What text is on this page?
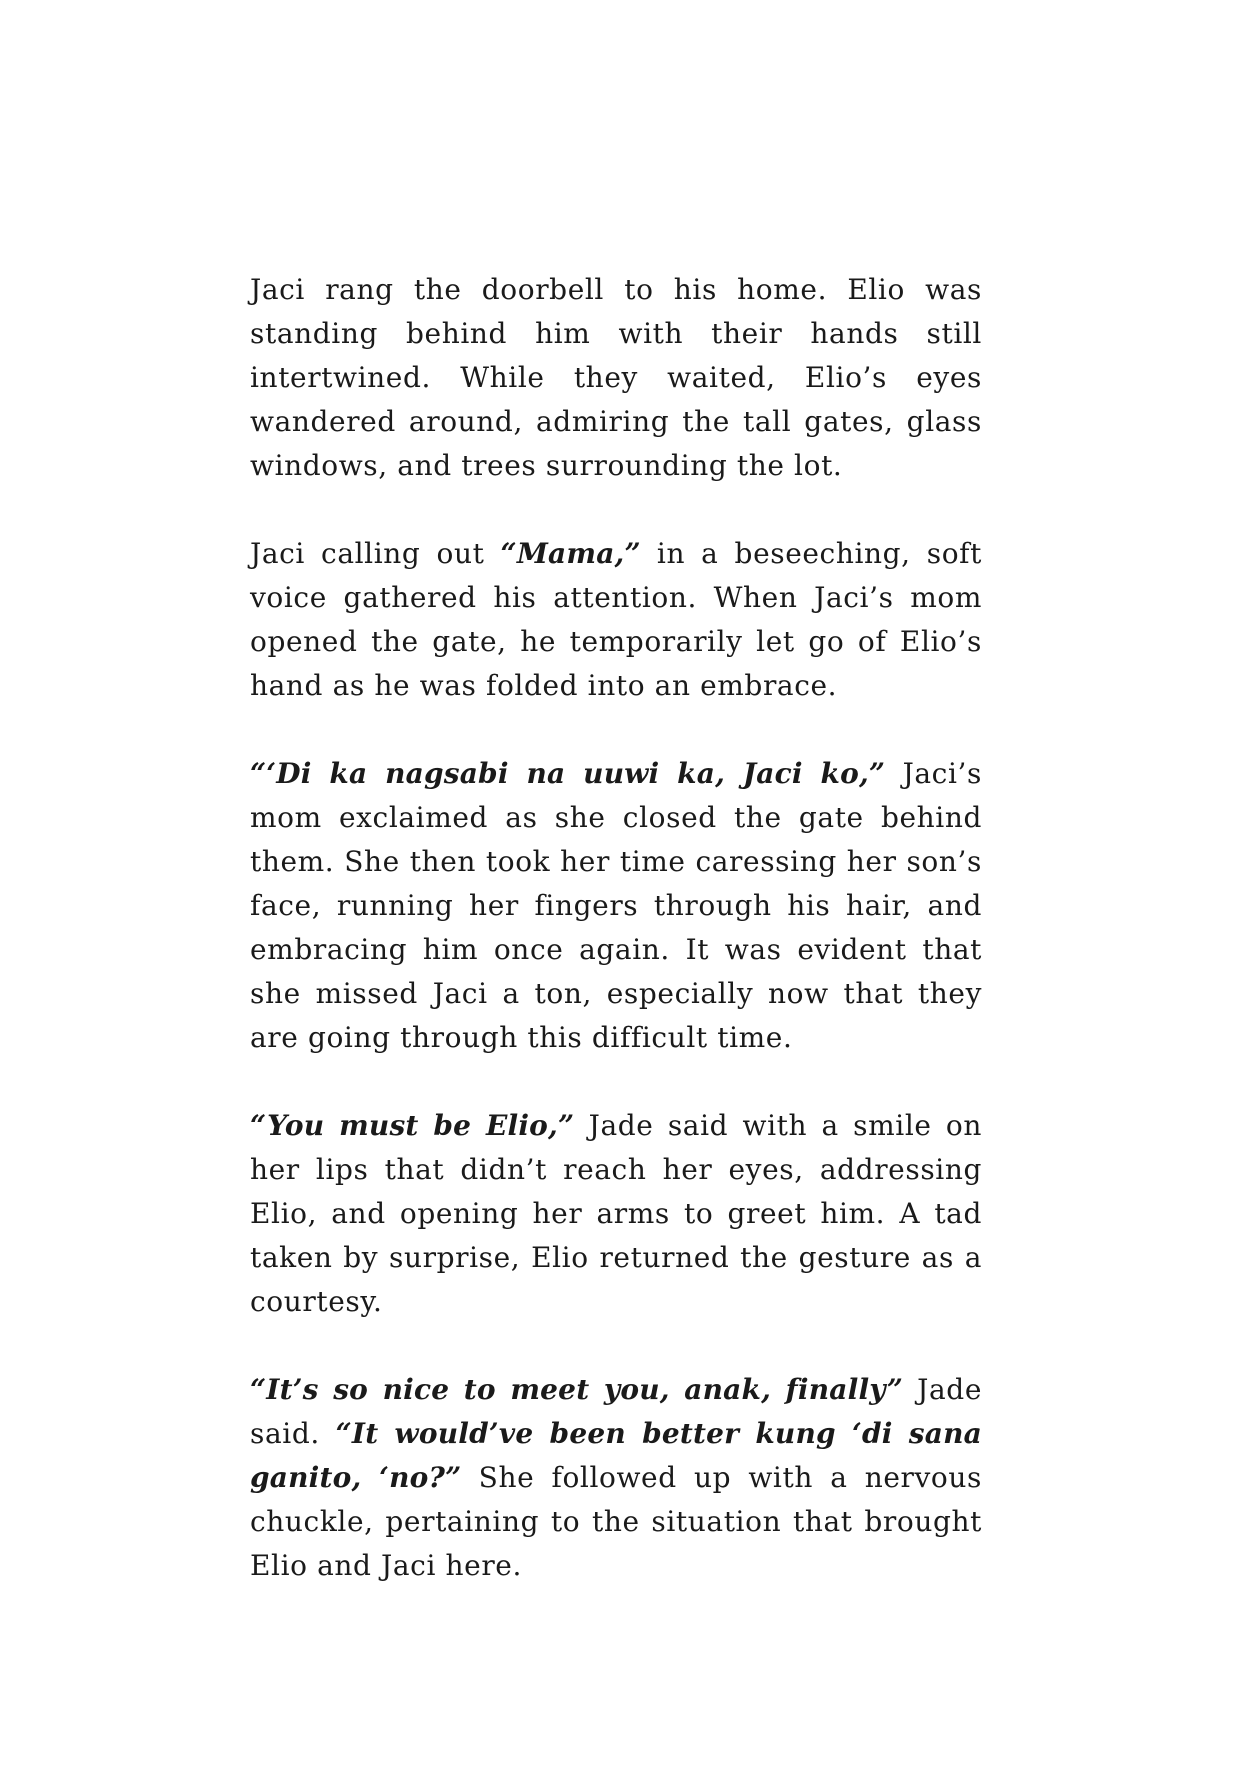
Jaci rang the doorbell to his home. Elio was standing behind him with their hands still intertwined. While they waited, Elio’s eyes wandered around, admiring the tall gates, glass windows, and trees surrounding the lot.

Jaci calling out “Mama,” in a beseeching, soft voice gathered his attention. When Jaci’s mom opened the gate, he temporarily let go of Elio’s hand as he was folded into an embrace.

“‘Di ka nagsabi na uuwi ka, Jaci ko,” Jaci’s mom exclaimed as she closed the gate behind them. She then took her time caressing her son’s face, running her fingers through his hair, and embracing him once again. It was evident that she missed Jaci a ton, especially now that they are going through this difficult time.

“You must be Elio,” Jade said with a smile on her lips that didn’t reach her eyes, addressing Elio, and opening her arms to greet him. A tad taken by surprise, Elio returned the gesture as a courtesy.

“It’s so nice to meet you, anak, finally” Jade said. “It would’ve been better kung ‘di sana ganito, ‘no?” She followed up with a nervous chuckle, pertaining to the situation that brought Elio and Jaci here.
